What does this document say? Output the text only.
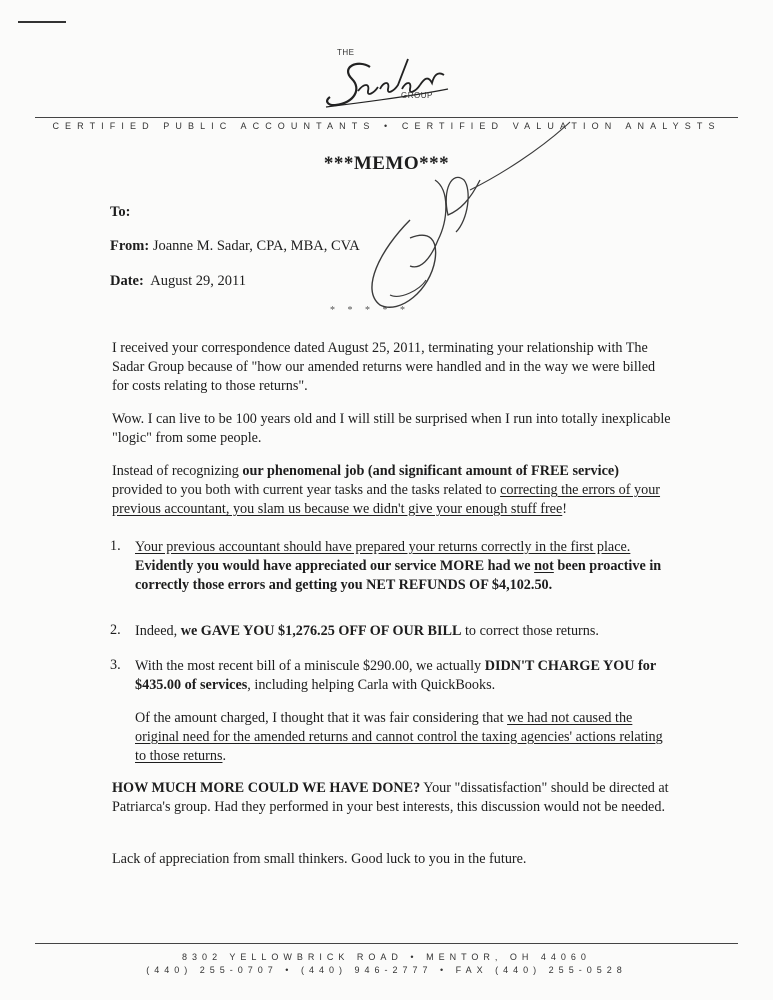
THE
GROUP
CERTIFIED PUBLIC ACCOUNTANTS • CERTIFIED VALUATION ANALYSTS
***MEMO***
To:
From: Joanne M. Sadar, CPA, MBA, CVA
Date: August 29, 2011
* * * * *
I received your correspondence dated August 25, 2011, terminating your relationship with The Sadar Group because of "how our amended returns were handled and in the way we were billed for costs relating to those returns".
Wow. I can live to be 100 years old and I will still be surprised when I run into totally inexplicable "logic" from some people.
Instead of recognizing our phenomenal job (and significant amount of FREE service) provided to you both with current year tasks and the tasks related to correcting the errors of your previous accountant, you slam us because we didn't give your enough stuff free!
1. Your previous accountant should have prepared your returns correctly in the first place. Evidently you would have appreciated our service MORE had we not been proactive in correctly those errors and getting you NET REFUNDS OF $4,102.50.
2. Indeed, we GAVE YOU $1,276.25 OFF OF OUR BILL to correct those returns.
3. With the most recent bill of a miniscule $290.00, we actually DIDN'T CHARGE YOU for $435.00 of services, including helping Carla with QuickBooks.
Of the amount charged, I thought that it was fair considering that we had not caused the original need for the amended returns and cannot control the taxing agencies' actions relating to those returns.
HOW MUCH MORE COULD WE HAVE DONE? Your "dissatisfaction" should be directed at Patriarca's group. Had they performed in your best interests, this discussion would not be needed.
Lack of appreciation from small thinkers. Good luck to you in the future.
8302 YELLOWBRICK ROAD • MENTOR, OH 44060
(440) 255-0707 • (440) 946-2777 • FAX (440) 255-0528
